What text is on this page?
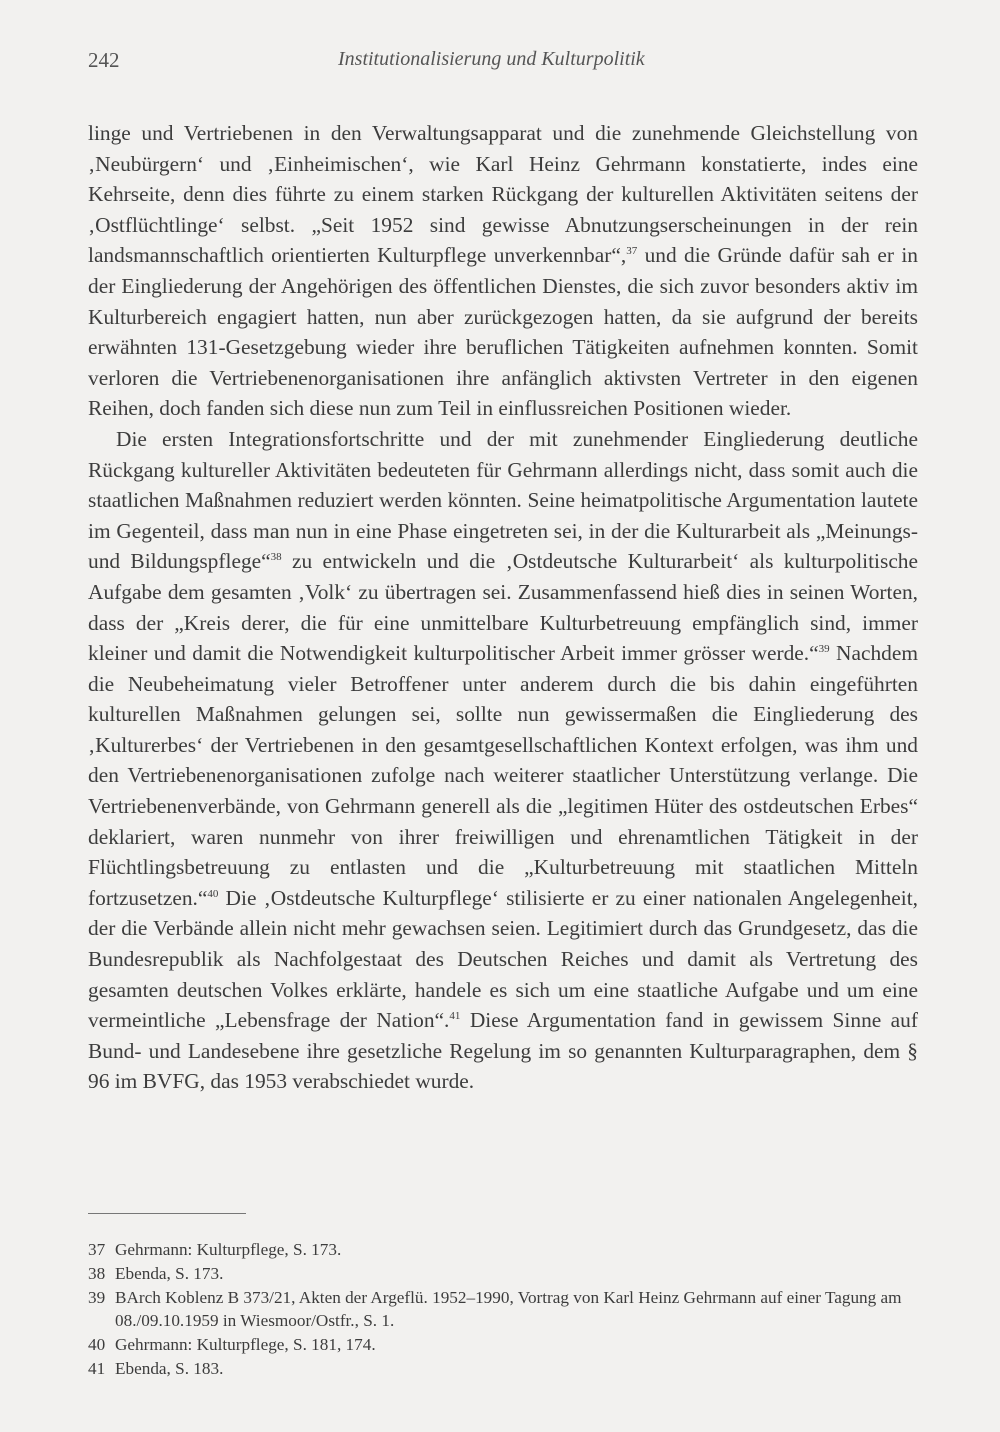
242	Institutionalisierung und Kulturpolitik

linge und Vertriebenen in den Verwaltungsapparat und die zunehmende Gleichstellung von ‚Neubürgern‘ und ‚Einheimischen‘, wie Karl Heinz Gehrmann konstatierte, indes eine Kehrseite, denn dies führte zu einem starken Rückgang der kulturellen Aktivitäten seitens der ‚Ostflüchtlinge‘ selbst. „Seit 1952 sind gewisse Abnutzungserscheinungen in der rein landsmannschaftlich orientierten Kulturpflege unverkennbar“,$^{37}$ und die Gründe dafür sah er in der Eingliederung der Angehörigen des öffentlichen Dienstes, die sich zuvor besonders aktiv im Kulturbereich engagiert hatten, nun aber zurückgezogen hatten, da sie aufgrund der bereits erwähnten 131-Gesetzgebung wieder ihre beruflichen Tätigkeiten aufnehmen konnten. Somit verloren die Vertriebenenorganisationen ihre anfänglich aktivsten Vertreter in den eigenen Reihen, doch fanden sich diese nun zum Teil in einflussreichen Positionen wieder.

Die ersten Integrationsfortschritte und der mit zunehmender Eingliederung deutliche Rückgang kultureller Aktivitäten bedeuteten für Gehrmann allerdings nicht, dass somit auch die staatlichen Maßnahmen reduziert werden könnten. Seine heimatpolitische Argumentation lautete im Gegenteil, dass man nun in eine Phase eingetreten sei, in der die Kulturarbeit als „Meinungs- und Bildungspflege“$^{38}$ zu entwickeln und die ‚Ostdeutsche Kulturarbeit‘ als kulturpolitische Aufgabe dem gesamten ‚Volk‘ zu übertragen sei. Zusammenfassend hieß dies in seinen Worten, dass der „Kreis derer, die für eine unmittelbare Kulturbetreuung empfänglich sind, immer kleiner und damit die Notwendigkeit kulturpolitischer Arbeit immer grösser werde.“$^{39}$ Nachdem die Neubeheimatung vieler Betroffener unter anderem durch die bis dahin eingeführten kulturellen Maßnahmen gelungen sei, sollte nun gewissermaßen die Eingliederung des ‚Kulturerbes‘ der Vertriebenen in den gesamtgesellschaftlichen Kontext erfolgen, was ihm und den Vertriebenenorganisationen zufolge nach weiterer staatlicher Unterstützung verlange. Die Vertriebenenverbände, von Gehrmann generell als die „legitimen Hüter des ostdeutschen Erbes“ deklariert, waren nunmehr von ihrer freiwilligen und ehrenamtlichen Tätigkeit in der Flüchtlingsbetreuung zu entlasten und die „Kulturbetreuung mit staatlichen Mitteln fortzusetzen.“$^{40}$ Die ‚Ostdeutsche Kulturpflege‘ stilisierte er zu einer nationalen Angelegenheit, der die Verbände allein nicht mehr gewachsen seien. Legitimiert durch das Grundgesetz, das die Bundesrepublik als Nachfolgestaat des Deutschen Reiches und damit als Vertretung des gesamten deutschen Volkes erklärte, handele es sich um eine staatliche Aufgabe und um eine vermeintliche „Lebensfrage der Nation“.$^{41}$ Diese Argumentation fand in gewissem Sinne auf Bund- und Landesebene ihre gesetzliche Regelung im so genannten Kulturparagraphen, dem § 96 im BVFG, das 1953 verabschiedet wurde.

37 Gehrmann: Kulturpflege, S. 173.
38 Ebenda, S. 173.
39 BArch Koblenz B 373/21, Akten der Argeflü. 1952–1990, Vortrag von Karl Heinz Gehrmann auf einer Tagung am 08./09.10.1959 in Wiesmoor/Ostfr., S. 1.
40 Gehrmann: Kulturpflege, S. 181, 174.
41 Ebenda, S. 183.
